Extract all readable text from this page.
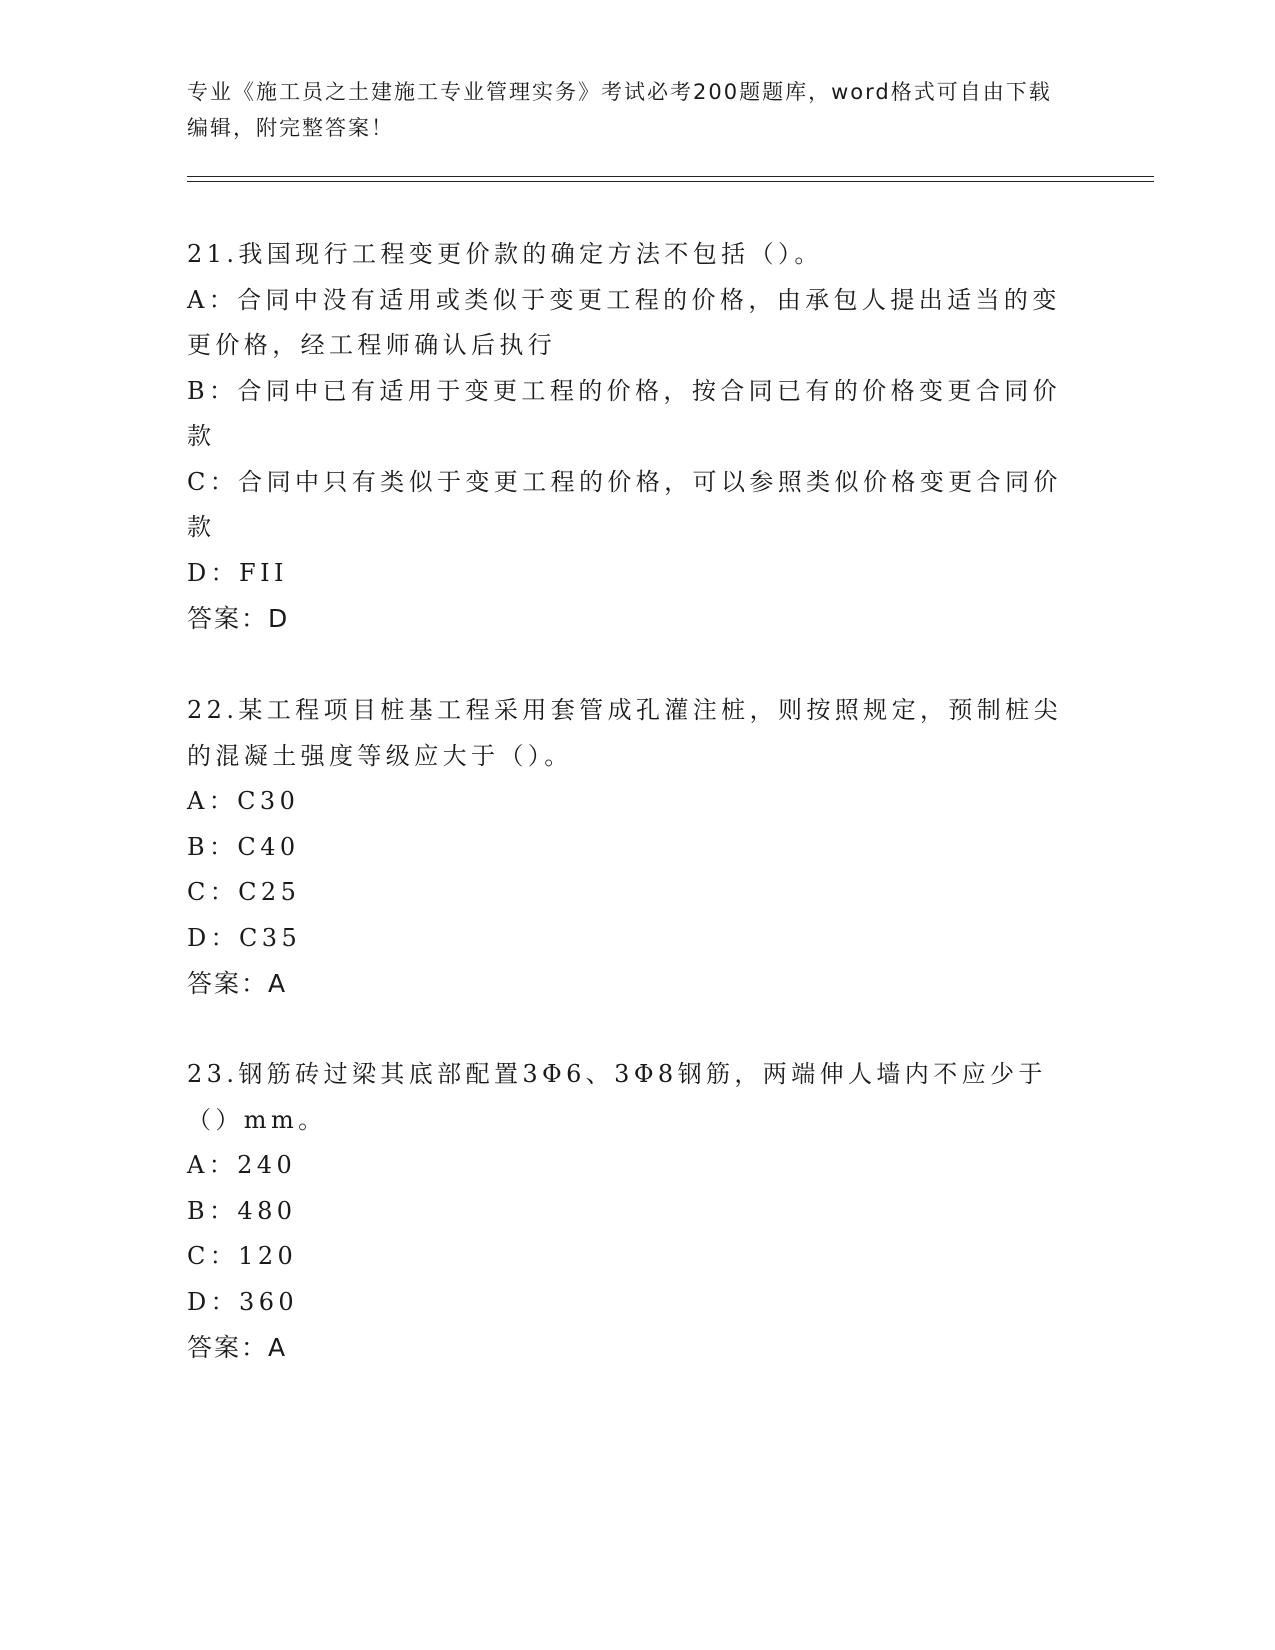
专业《施工员之土建施工专业管理实务》考试必考200题题库，word格式可自由下载编辑，附完整答案！
21.我国现行工程变更价款的确定方法不包括（）。
A：合同中没有适用或类似于变更工程的价格，由承包人提出适当的变更价格，经工程师确认后执行
B：合同中已有适用于变更工程的价格，按合同已有的价格变更合同价款
C：合同中只有类似于变更工程的价格，可以参照类似价格变更合同价款
D：FII
答案：D
22.某工程项目桩基工程采用套管成孔灌注桩，则按照规定，预制桩尖的混凝土强度等级应大于（）。
A：C30
B：C40
C：C25
D：C35
答案：A
23.钢筋砖过梁其底部配置3Φ6、3Φ8钢筋，两端伸人墙内不应少于（）mm。
A：240
B：480
C：120
D：360
答案：A
